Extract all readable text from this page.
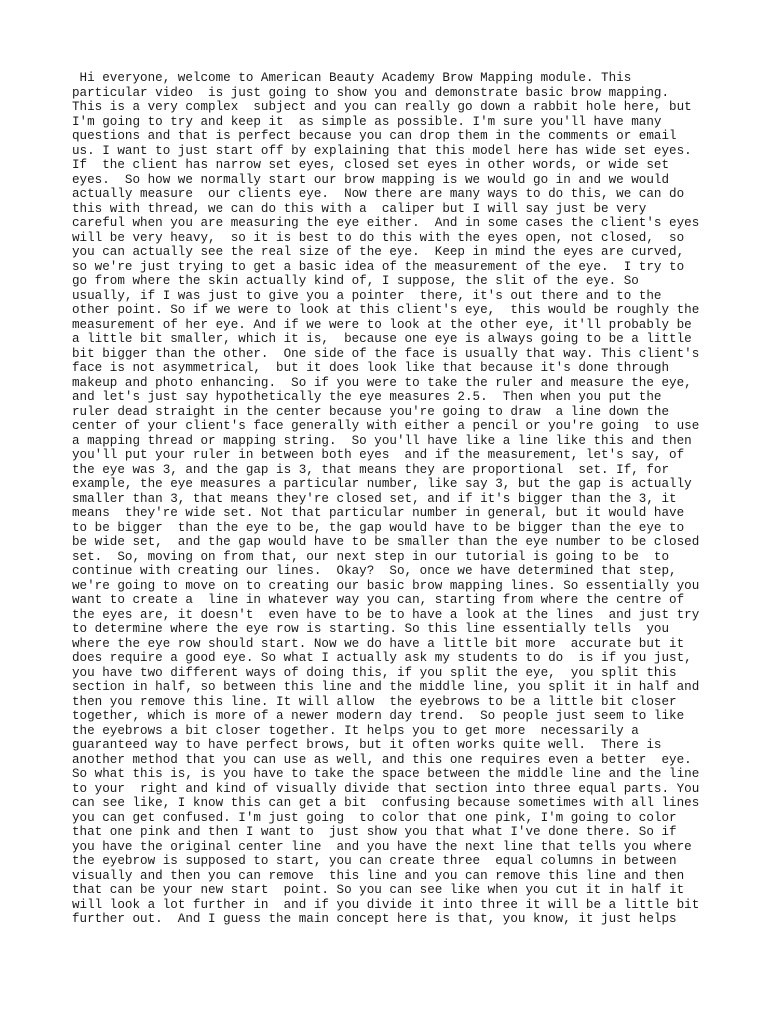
Hi everyone, welcome to American Beauty Academy Brow Mapping module. This
particular video  is just going to show you and demonstrate basic brow mapping.
This is a very complex  subject and you can really go down a rabbit hole here, but
I'm going to try and keep it  as simple as possible. I'm sure you'll have many
questions and that is perfect because you can drop them in the comments or email
us. I want to just start off by explaining that this model here has wide set eyes.
If  the client has narrow set eyes, closed set eyes in other words, or wide set
eyes.  So how we normally start our brow mapping is we would go in and we would
actually measure  our clients eye.  Now there are many ways to do this, we can do
this with thread, we can do this with a  caliper but I will say just be very
careful when you are measuring the eye either.  And in some cases the client's eyes
will be very heavy,  so it is best to do this with the eyes open, not closed,  so
you can actually see the real size of the eye.  Keep in mind the eyes are curved,
so we're just trying to get a basic idea of the measurement of the eye.  I try to
go from where the skin actually kind of, I suppose, the slit of the eye. So
usually, if I was just to give you a pointer  there, it's out there and to the
other point. So if we were to look at this client's eye,  this would be roughly the
measurement of her eye. And if we were to look at the other eye, it'll probably be
a little bit smaller, which it is,  because one eye is always going to be a little
bit bigger than the other.  One side of the face is usually that way. This client's
face is not asymmetrical,  but it does look like that because it's done through
makeup and photo enhancing.  So if you were to take the ruler and measure the eye,
and let's just say hypothetically the eye measures 2.5.  Then when you put the
ruler dead straight in the center because you're going to draw  a line down the
center of your client's face generally with either a pencil or you're going  to use
a mapping thread or mapping string.  So you'll have like a line like this and then
you'll put your ruler in between both eyes  and if the measurement, let's say, of
the eye was 3, and the gap is 3, that means they are proportional  set. If, for
example, the eye measures a particular number, like say 3, but the gap is actually
smaller than 3, that means they're closed set, and if it's bigger than the 3, it
means  they're wide set. Not that particular number in general, but it would have
to be bigger  than the eye to be, the gap would have to be bigger than the eye to
be wide set,  and the gap would have to be smaller than the eye number to be closed
set.  So, moving on from that, our next step in our tutorial is going to be  to
continue with creating our lines.  Okay?  So, once we have determined that step,
we're going to move on to creating our basic brow mapping lines. So essentially you
want to create a  line in whatever way you can, starting from where the centre of
the eyes are, it doesn't  even have to be to have a look at the lines  and just try
to determine where the eye row is starting. So this line essentially tells  you
where the eye row should start. Now we do have a little bit more  accurate but it
does require a good eye. So what I actually ask my students to do  is if you just,
you have two different ways of doing this, if you split the eye,  you split this
section in half, so between this line and the middle line, you split it in half and
then you remove this line. It will allow  the eyebrows to be a little bit closer
together, which is more of a newer modern day trend.  So people just seem to like
the eyebrows a bit closer together. It helps you to get more  necessarily a
guaranteed way to have perfect brows, but it often works quite well.  There is
another method that you can use as well, and this one requires even a better  eye.
So what this is, is you have to take the space between the middle line and the line
to your  right and kind of visually divide that section into three equal parts. You
can see like, I know this can get a bit  confusing because sometimes with all lines
you can get confused. I'm just going  to color that one pink, I'm going to color
that one pink and then I want to  just show you that what I've done there. So if
you have the original center line  and you have the next line that tells you where
the eyebrow is supposed to start, you can create three  equal columns in between
visually and then you can remove  this line and you can remove this line and then
that can be your new start  point. So you can see like when you cut it in half it
will look a lot further in  and if you divide it into three it will be a little bit
further out.  And I guess the main concept here is that, you know, it just helps
